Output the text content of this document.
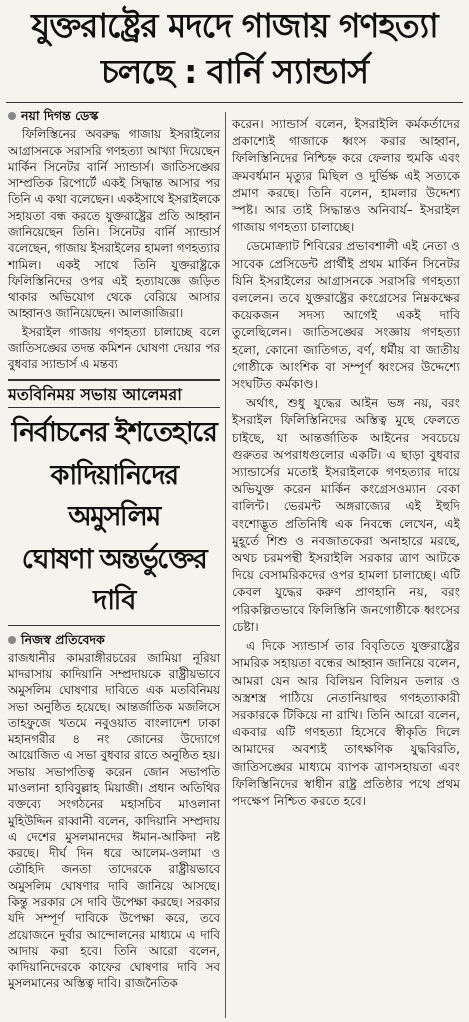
যুক্তরাষ্ট্রের মদদে গাজায় গণহত্যা
চলছে : বার্নি স্যান্ডার্স
নয়া দিগন্ত ডেস্ক

ফিলিস্তিনের অবরুদ্ধ গাজায় ইসরাইলের আগ্রাসনকে সরাসরি গণহত্যা আখ্যা দিয়েছেন মার্কিন সিনেটর বার্নি স্যান্ডার্স। জাতিসঙ্ঘের সাম্প্রতিক রিপোর্টে একই সিদ্ধান্ত আসার পর তিনি এ কথা বলেছেন। একইসাথে ইসরাইলকে সহায়তা বন্ধ করতে যুক্তরাষ্ট্রের প্রতি আহ্বান জানিয়েছেন তিনি। সিনেটর বার্নি স্যান্ডার্স বলেছেন, গাজায় ইসরাইলের হামলা গণহত্যার শামিল। একই সাথে তিনি যুক্তরাষ্ট্রকে ফিলিস্তিনিদের ওপর এই হত্যাযজ্ঞে জড়িত থাকার অভিযোগ থেকে বেরিয়ে আসার আহ্বানও জানিয়েছেন। আলজাজিরা।

ইসরাইল গাজায় গণহত্যা চালাচ্ছে বলে জাতিসঙ্ঘের তদন্ত কমিশন ঘোষণা দেয়ার পর বুধবার স্যান্ডার্স এ মন্তব্য

মতবিনিময় সভায় আলেমরা
নির্বাচনের ইশতেহারে
কাদিয়ানিদের অমুসলিম
ঘোষণা অন্তর্ভুক্তের দাবি
নিজস্ব প্রতিবেদক

রাজধানীর কামরাঙ্গীরচরের জামিয়া নূরিয়া মাদরাসায় কাদিয়ানি সম্প্রদায়কে রাষ্ট্রীয়ভাবে অমুসলিম ঘোষণার দাবিতে এক মতবিনিময় সভা অনুষ্ঠিত হয়েছে। আন্তর্জাতিক মজলিসে তাহফুজে খতমে নবুওয়াত বাংলাদেশ ঢাকা মহানগরীর ৪ নং জোনের উদ্যোগে আয়োজিত এ সভা বুধবার রাতে অনুষ্ঠিত হয়। সভায় সভাপতিত্ব করেন জোন সভাপতি মাওলানা হাবিবুল্লাহ মিয়াজী। প্রধান অতিথির বক্তব্যে সংগঠনের মহাসচিব মাওলানা মুহিউদ্দিন রাব্বানী বলেন, কাদিয়ানি সম্প্রদায় এ দেশের মুসলমানদের ঈমান-আকিদা নষ্ট করছে। দীর্ঘ দিন ধরে আলেম-ওলামা ও তৌহিদি জনতা তাদেরকে রাষ্ট্রীয়ভাবে অমুসলিম ঘোষণার দাবি জানিয়ে আসছে। কিন্তু সরকার সে দাবি উপেক্ষা করছে। সরকার যদি সম্পূর্ণ দাবিকে উপেক্ষা করে, তবে প্রয়োজনে দুর্বার আন্দোলনের মাধ্যমে এ দাবি আদায় করা হবে। তিনি আরো বলেন, কাদিয়ানিদেরকে কাফের ঘোষণার দাবি সব মুসলমানের অস্তিত্ব দাবি। রাজনৈতিক

করেন। স্যান্ডার্স বলেন, ইসরাইলি কর্মকর্তাদের প্রকাশ্যেই গাজাকে ধ্বংস করার আহ্বান, ফিলিস্তিনিদের নিশ্চিহ্ন করে ফেলার হুমকি এবং ক্রমবর্ধমান মৃত্যুর মিছিল ও দুর্ভিক্ষ এই সত্যকে প্রমাণ করছে। তিনি বলেন, হামলার উদ্দেশ্য স্পষ্ট। আর তাই সিদ্ধান্তও অনিবার্য– ইসরাইল গাজায় গণহত্যা চালাচ্ছে।

ডেমোক্র্যাট শিবিরের প্রভাবশালী এই নেতা ও সাবেক প্রেসিডেন্ট প্রার্থীই প্রথম মার্কিন সিনেটর যিনি ইসরাইলের আগ্রাসনকে সরাসরি গণহত্যা বললেন। তবে যুক্তরাষ্ট্রের কংগ্রেসের নিম্নকক্ষের কয়েকজন সদস্য আগেই একই দাবি তুলেছিলেন। জাতিসঙ্ঘের সংজ্ঞায় গণহত্যা হলো, কোনো জাতিগত, বর্ণ, ধর্মীয় বা জাতীয় গোষ্ঠীকে আংশিক বা সম্পূর্ণ ধ্বংসের উদ্দেশ্যে সংঘটিত কর্মকাণ্ড।

অর্থাৎ, শুধু যুদ্ধের আইন ভঙ্গ নয়, বরং ইসরাইল ফিলিস্তিনিদের অস্তিত্ব মুছে ফেলতে চাইছে, যা আন্তর্জাতিক আইনের সবচেয়ে গুরুতর অপরাধগুলোর একটি। এ ছাড়া বুধবার স্যান্ডার্সের মতোই ইসরাইলকে গণহত্যার দায়ে অভিযুক্ত করেন মার্কিন কংগ্রেসওম্যান বেকা বালিন্ট। ভেরমন্ট অঙ্গরাজ্যের এই ইহুদি বংশোদ্ভূত প্রতিনিধি এক নিবন্ধে লেখেন, এই মুহূর্তে শিশু ও নবজাতকেরা অনাহারে মরছে, অথচ চরমপন্থী ইসরাইলি সরকার ত্রাণ আটকে দিয়ে বেসামরিকদের ওপর হামলা চালাচ্ছে। এটি কেবল যুদ্ধের করুণ প্রাণহানি নয়, বরং পরিকল্পিতভাবে ফিলিস্তিনি জনগোষ্ঠীকে ধ্বংসের চেষ্টা।

এ দিকে স্যান্ডার্স তার বিবৃতিতে যুক্তরাষ্ট্রের সামরিক সহায়তা বন্ধের আহ্বান জানিয়ে বলেন, আমরা যেন আর বিলিয়ন বিলিয়ন ডলার ও অস্ত্রশস্ত্র পাঠিয়ে নেতানিয়াহুর গণহত্যাকারী সরকারকে টিকিয়ে না রাখি। তিনি আরো বলেন, একবার এটি গণহত্যা হিসেবে স্বীকৃতি দিলে আমাদের অবশ্যই তাৎক্ষণিক যুদ্ধবিরতি, জাতিসঙ্ঘের মাধ্যমে ব্যাপক ত্রাণসহায়তা এবং ফিলিস্তিনিদের স্বাধীন রাষ্ট্র প্রতিষ্ঠার পথে প্রথম পদক্ষেপ নিশ্চিত করতে হবে।
